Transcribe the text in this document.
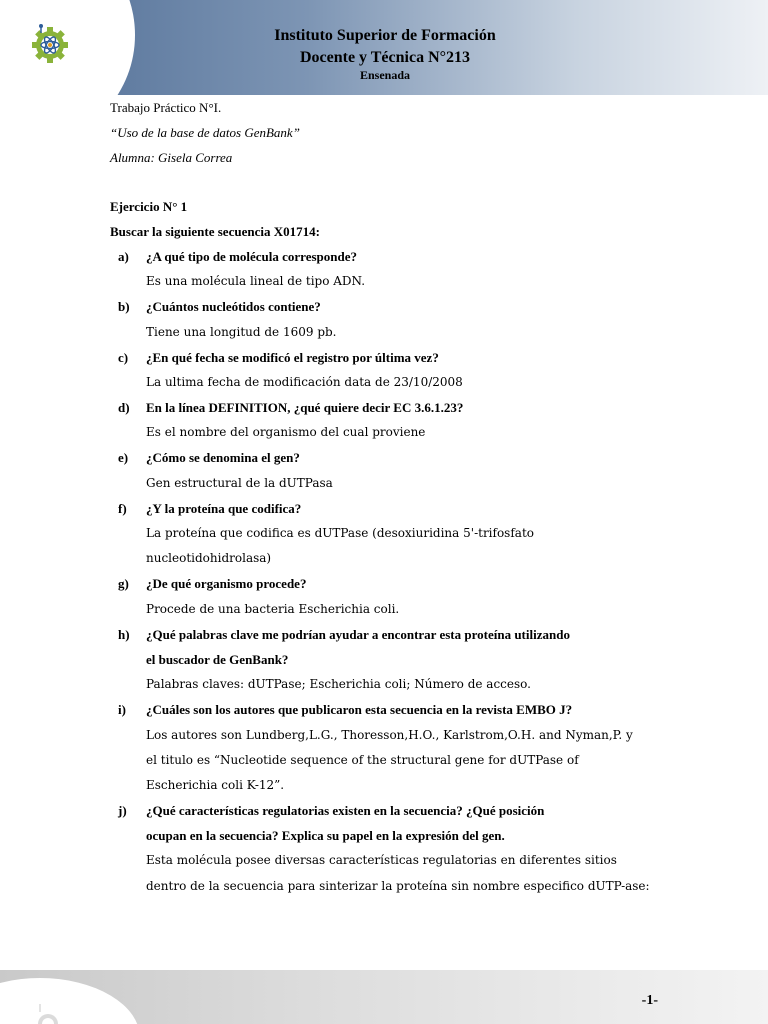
Instituto Superior de Formación
Docente y Técnica N°213
Ensenada
Trabajo Práctico N°I.
“Uso de la base de datos GenBank”
Alumna: Gisela Correa
Ejercicio N° 1
Buscar la siguiente secuencia X01714:
a) ¿A qué tipo de molécula corresponde?
Es una molécula lineal de tipo ADN.
b) ¿Cuántos nucleótidos contiene?
Tiene una longitud de 1609 pb.
c) ¿En qué fecha se modificó el registro por última vez?
La ultima fecha de modificación data de 23/10/2008
d) En la línea DEFINITION, ¿qué quiere decir EC 3.6.1.23?
Es el nombre del organismo del cual proviene
e) ¿Cómo se denomina el gen?
Gen estructural de la dUTPasa
f) ¿Y la proteína que codifica?
La proteína que codifica es dUTPase (desoxiuridina 5'-trifosfato
nucleotidohidrolasa)
g) ¿De qué organismo procede?
Procede de una bacteria Escherichia coli.
h) ¿Qué palabras clave me podrían ayudar a encontrar esta proteína utilizando
el buscador de GenBank?
Palabras claves: dUTPase; Escherichia coli; Número de acceso.
i) ¿Cuáles son los autores que publicaron esta secuencia en la revista EMBO J?
Los autores son Lundberg,L.G., Thoresson,H.O., Karlstrom,O.H. and Nyman,P. y
el titulo es “Nucleotide sequence of the structural gene for dUTPase of
Escherichia coli K-12”.
j) ¿Qué características regulatorias existen en la secuencia? ¿Qué posición
ocupan en la secuencia? Explica su papel en la expresión del gen.
Esta molécula posee diversas características regulatorias en diferentes sitios
dentro de la secuencia para sinterizar la proteína sin nombre especifico dUTP-ase:
-1-
